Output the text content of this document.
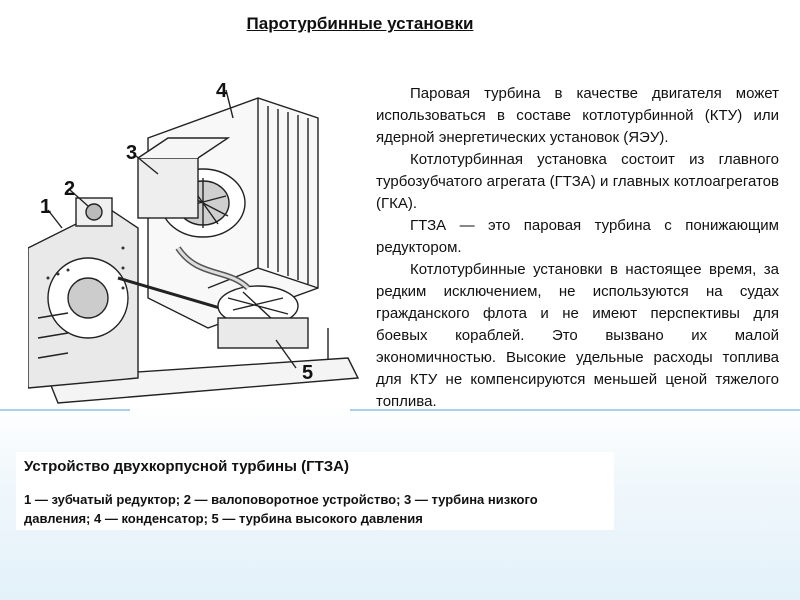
Паротурбинные установки
1
2
3
4
5

Паровая турбина в качестве двигателя может использоваться в составе котлотурбинной (КТУ) или ядерной энергетических установок (ЯЭУ).

Котлотурбинная установка состоит из главного турбозубчатого агрегата (ГТЗА) и главных котлоагрегатов (ГКА).

ГТЗА — это паровая турбина с понижающим редуктором.

Котлотурбинные установки в настоящее время, за редким исключением, не используются на судах гражданского флота и не имеют перспективы для боевых кораблей. Это вызвано их малой экономичностью. Высокие удельные расходы топлива для КТУ не компенсируются меньшей ценой тяжелого топлива.

Устройство двухкорпусной турбины (ГТЗА)
1 — зубчатый редуктор; 2 — валоповоротное устройство; 3 — турбина низкого давления; 4 — конденсатор; 5 — турбина высокого давления
